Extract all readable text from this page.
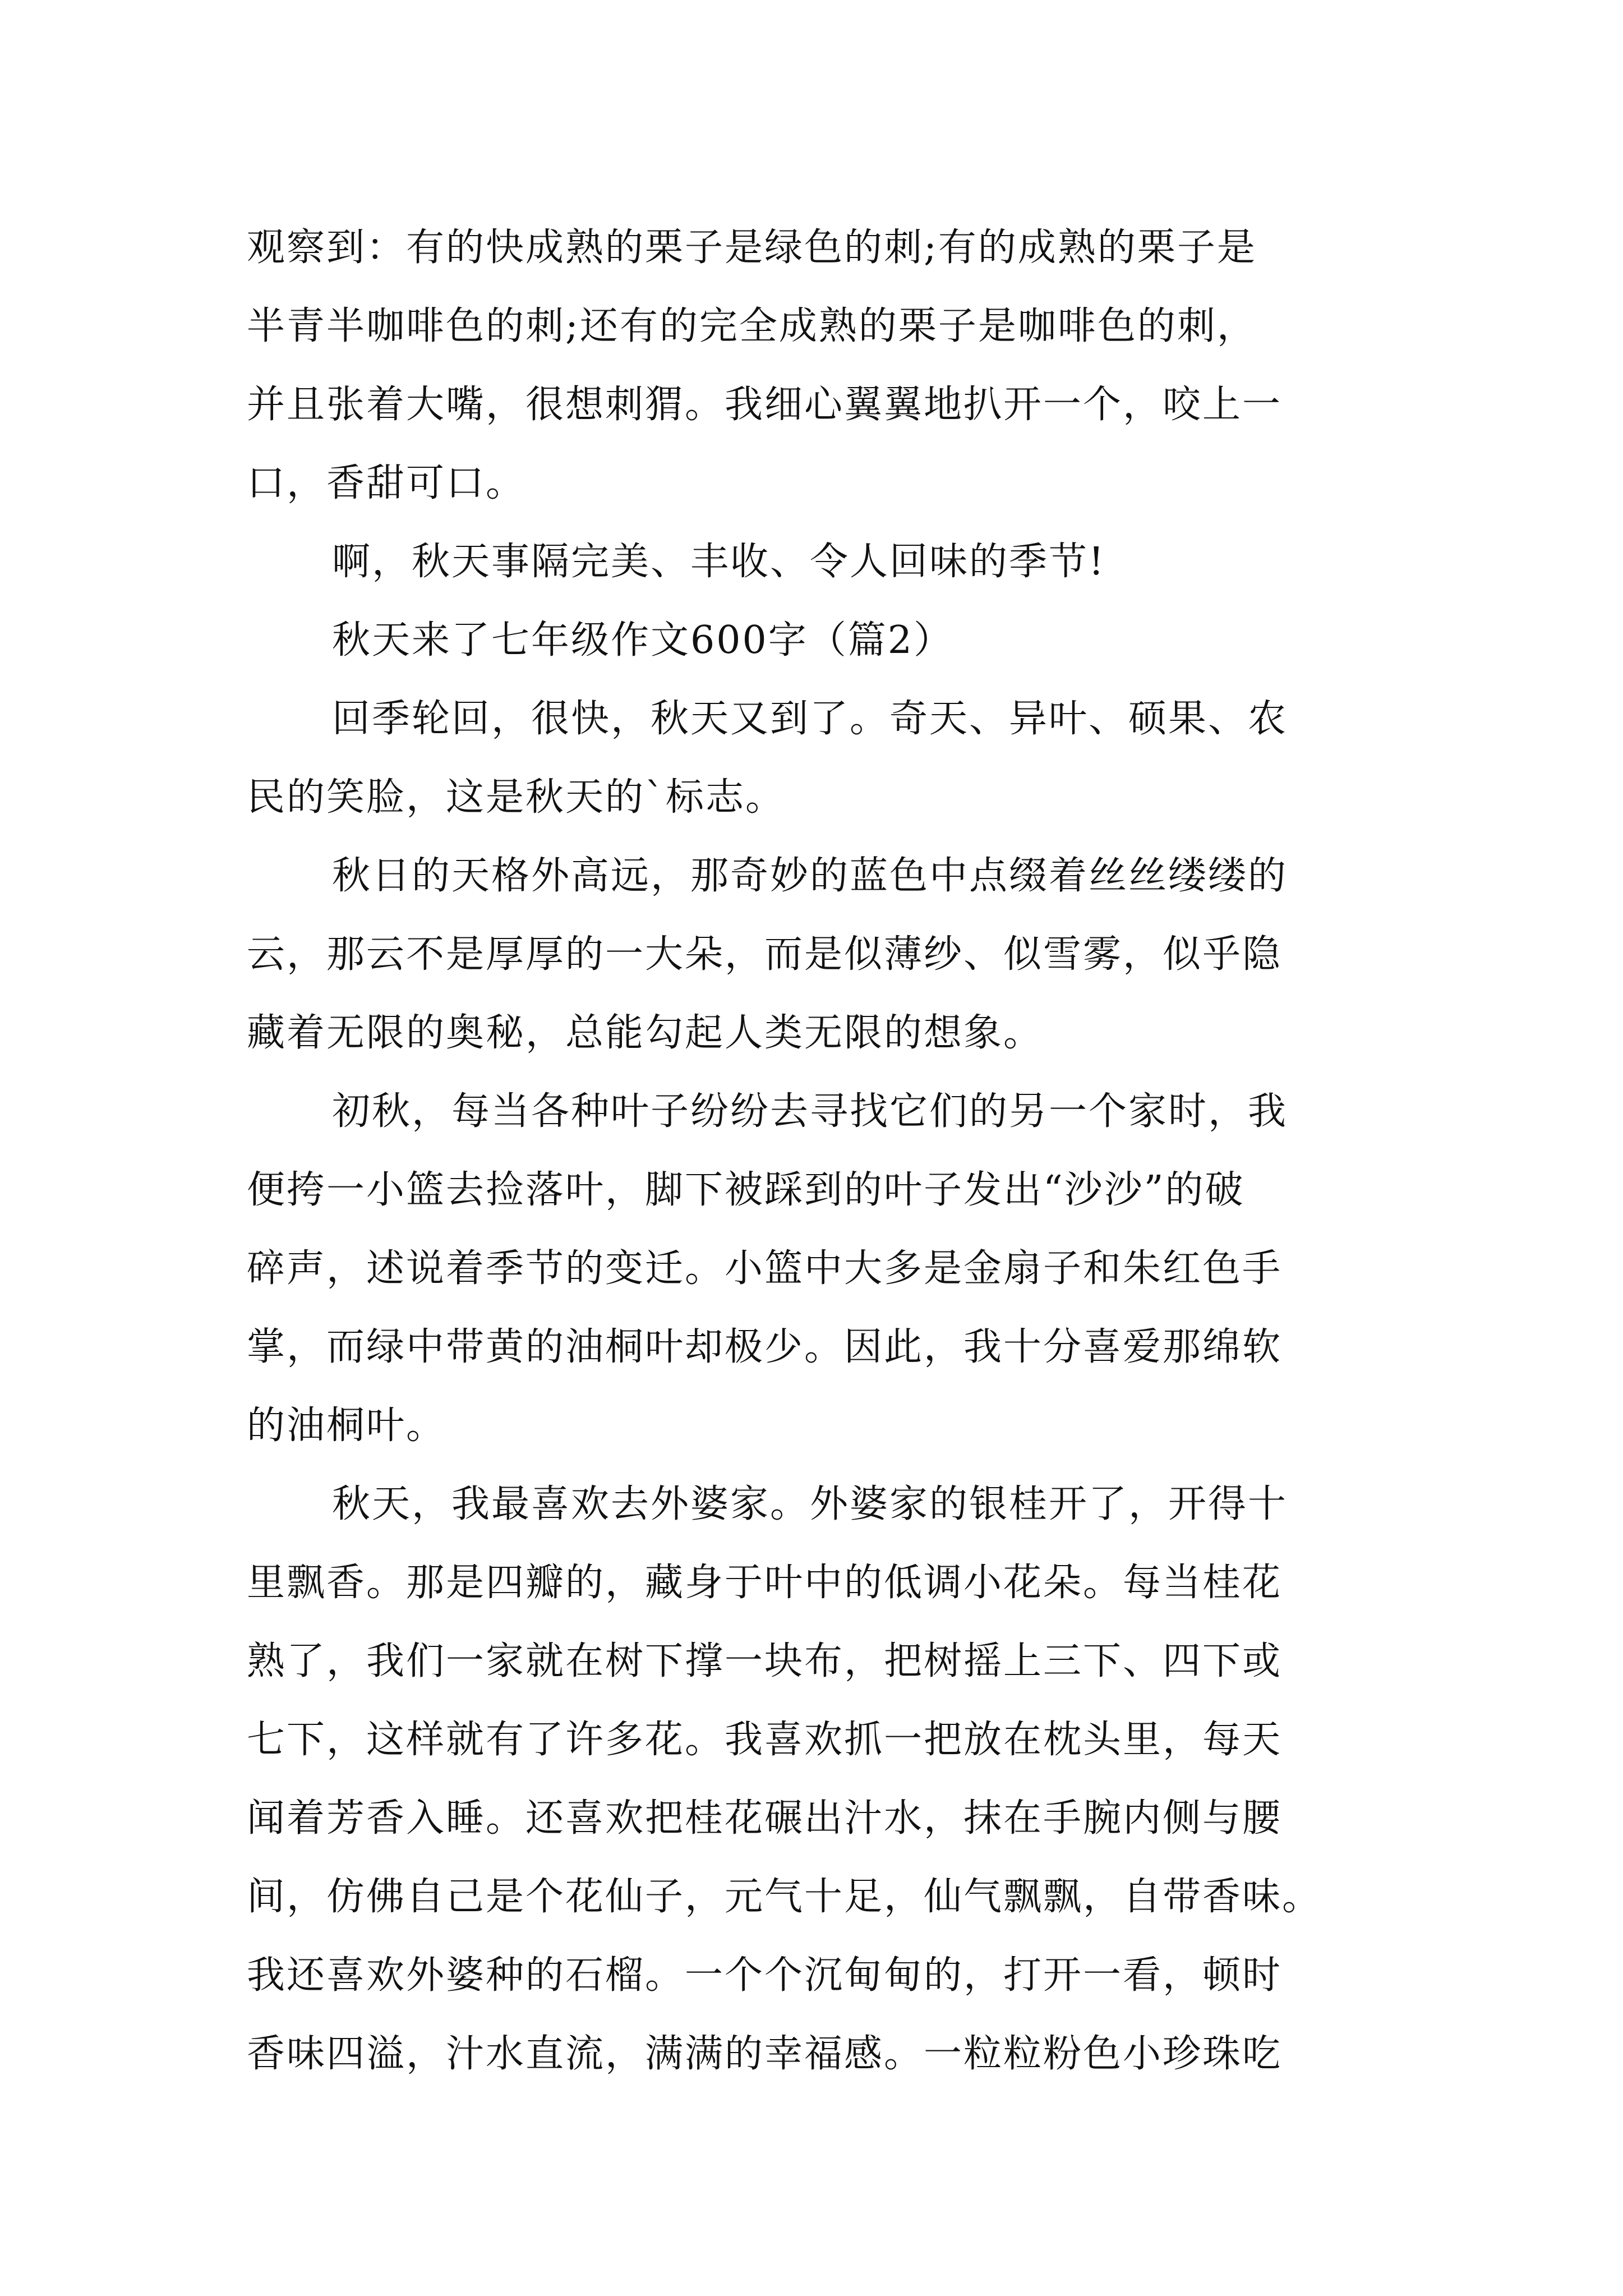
观察到：有的快成熟的栗子是绿色的刺;有的成熟的栗子是
半青半咖啡色的刺;还有的完全成熟的栗子是咖啡色的刺，
并且张着大嘴，很想刺猬。我细心翼翼地扒开一个，咬上一
口，香甜可口。
啊，秋天事隔完美、丰收、令人回味的季节!
秋天来了七年级作文600字（篇2）
回季轮回，很快，秋天又到了。奇天、异叶、硕果、农
民的笑脸，这是秋天的`标志。
秋日的天格外高远，那奇妙的蓝色中点缀着丝丝缕缕的
云，那云不是厚厚的一大朵，而是似薄纱、似雪雾，似乎隐
藏着无限的奥秘，总能勾起人类无限的想象。
初秋，每当各种叶子纷纷去寻找它们的另一个家时，我
便挎一小篮去捡落叶，脚下被踩到的叶子发出“沙沙”的破
碎声，述说着季节的变迁。小篮中大多是金扇子和朱红色手
掌，而绿中带黄的油桐叶却极少。因此，我十分喜爱那绵软
的油桐叶。
秋天，我最喜欢去外婆家。外婆家的银桂开了，开得十
里飘香。那是四瓣的，藏身于叶中的低调小花朵。每当桂花
熟了，我们一家就在树下撑一块布，把树摇上三下、四下或
七下，这样就有了许多花。我喜欢抓一把放在枕头里，每天
闻着芳香入睡。还喜欢把桂花碾出汁水，抹在手腕内侧与腰
间，仿佛自己是个花仙子，元气十足，仙气飘飘，自带香味。
我还喜欢外婆种的石榴。一个个沉甸甸的，打开一看，顿时
香味四溢，汁水直流，满满的幸福感。一粒粒粉色小珍珠吃
